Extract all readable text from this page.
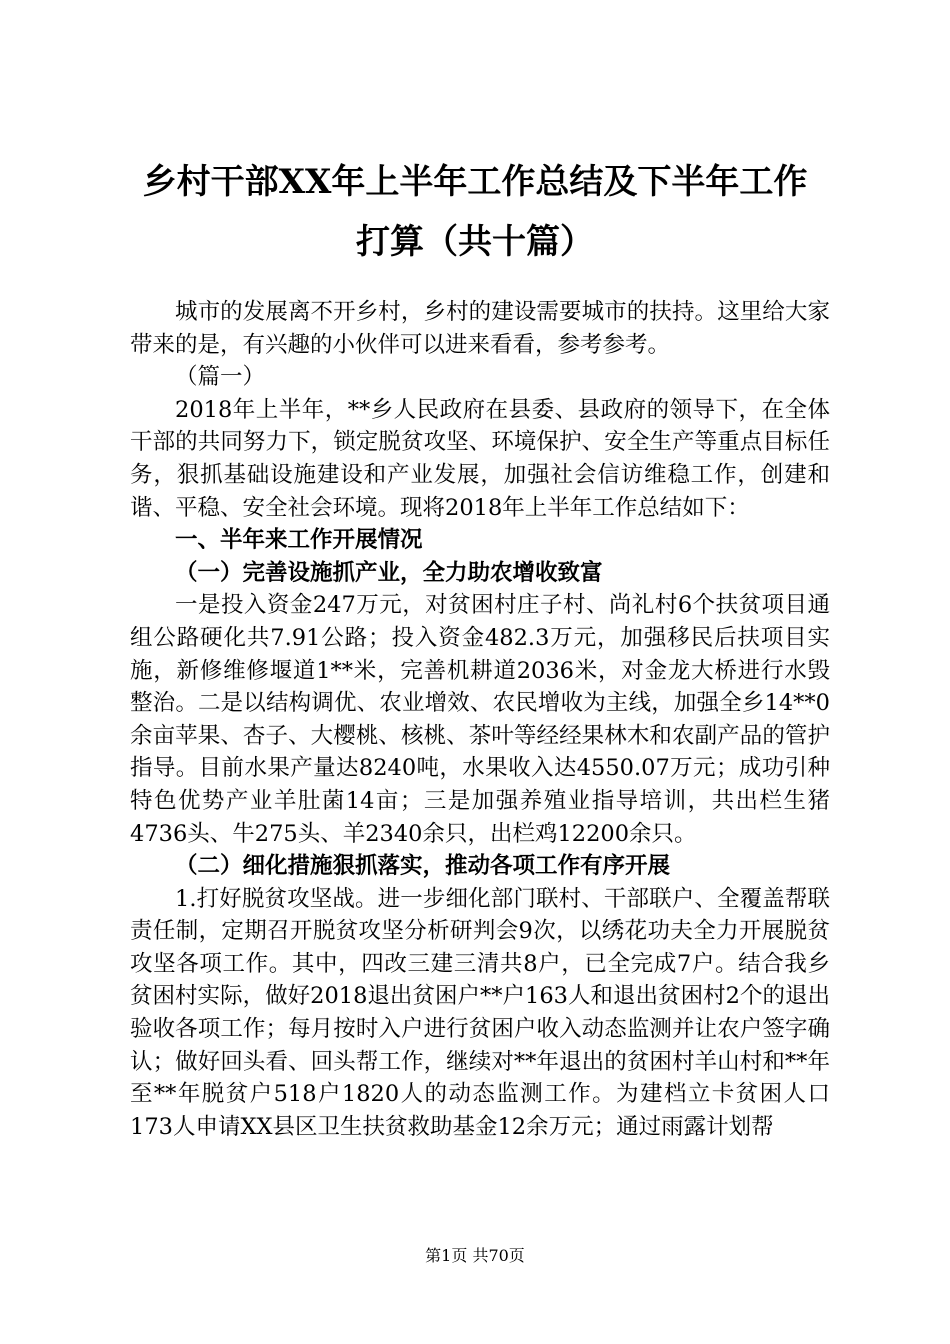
乡村干部XX年上半年工作总结及下半年工作
打算（共十篇）

城市的发展离不开乡村，乡村的建设需要城市的扶持。这里给大家带来的是，有兴趣的小伙伴可以进来看看，参考参考。

（篇一）

2018年上半年，**乡人民政府在县委、县政府的领导下，在全体干部的共同努力下，锁定脱贫攻坚、环境保护、安全生产等重点目标任务，狠抓基础设施建设和产业发展，加强社会信访维稳工作，创建和谐、平稳、安全社会环境。现将2018年上半年工作总结如下：

一、半年来工作开展情况

（一）完善设施抓产业，全力助农增收致富

一是投入资金247万元，对贫困村庄子村、尚礼村6个扶贫项目通组公路硬化共7.91公路；投入资金482.3万元，加强移民后扶项目实施，新修维修堰道1**米，完善机耕道2036米，对金龙大桥进行水毁整治。二是以结构调优、农业增效、农民增收为主线，加强全乡14**0余亩苹果、杏子、大樱桃、核桃、茶叶等经经果林木和农副产品的管护指导。目前水果产量达8240吨，水果收入达4550.07万元；成功引种特色优势产业羊肚菌14亩；三是加强养殖业指导培训，共出栏生猪4736头、牛275头、羊2340余只，出栏鸡12200余只。

（二）细化措施狠抓落实，推动各项工作有序开展

1.打好脱贫攻坚战。进一步细化部门联村、干部联户、全覆盖帮联责任制，定期召开脱贫攻坚分析研判会9次，以绣花功夫全力开展脱贫攻坚各项工作。其中，四改三建三清共8户，已全完成7户。结合我乡贫困村实际，做好2018退出贫困户**户163人和退出贫困村2个的退出验收各项工作；每月按时入户进行贫困户收入动态监测并让农户签字确认；做好回头看、回头帮工作，继续对**年退出的贫困村羊山村和**年至**年脱贫户518户1820人的动态监测工作。为建档立卡贫困人口173人申请XX县区卫生扶贫救助基金12余万元；通过雨露计划帮

第1页 共70页
